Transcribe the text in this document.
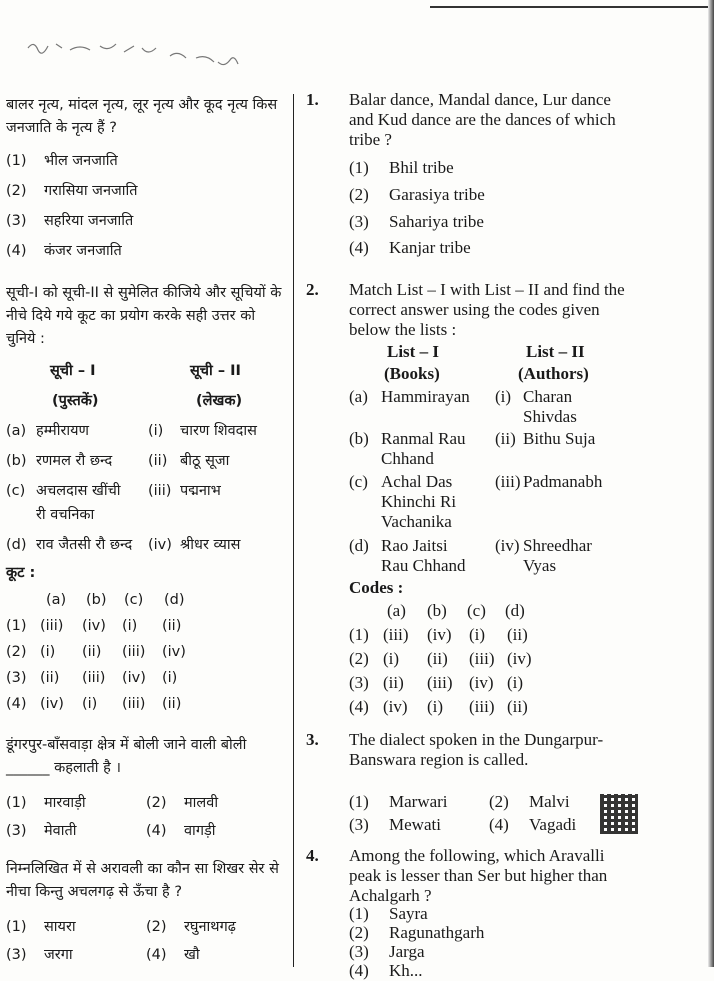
बालर नृत्य, मांदल नृत्य, लूर नृत्य और कूद नृत्य किस जनजाति के नृत्य हैं ?
(1) भील जनजाति
(2) गरासिया जनजाति
(3) सहरिया जनजाति
(4) कंजर जनजाति
सूची-I को सूची-II से सुमेलित कीजिये और सूचियों के नीचे दिये गये कूट का प्रयोग करके सही उत्तर को चुनिये :
सूची – I	सूची – II
(पुस्तकें)	(लेखक)
(a) हम्मीरायण	(i) चारण शिवदास
(b) रणमल रौ छन्द (ii) बीठू सूजा
(c) अचलदास खींची (iii) पद्मनाभ
री वचनिका
(d) राव जैतसी रौ छन्द (iv) श्रीधर व्यास
कूट :
(a) (b) (c) (d)
(1) (iii) (iv) (i) (ii)
(2) (i) (ii) (iii) (iv)
(3) (ii) (iii) (iv) (i)
(4) (iv) (i) (iii) (ii)
डूंगरपुर-बाँसवाड़ा क्षेत्र में बोली जाने वाली बोली ______ कहलाती है ।
(1) मारवाड़ी	(2) मालवी
(3) मेवाती	(4) वागड़ी
निम्नलिखित में से अरावली का कौन सा शिखर सेर से नीचा किन्तु अचलगढ़ से ऊँचा है ?
(1) सायरा	(2) रघुनाथगढ़
(3) जरगा	(4) खौ
1. Balar dance, Mandal dance, Lur dance and Kud dance are the dances of which tribe ?
(1) Bhil tribe
(2) Garasiya tribe
(3) Sahariya tribe
(4) Kanjar tribe
2. Match List – I with List – II and find the correct answer using the codes given below the lists :
List – I	List – II
(Books)	(Authors)
(a) Hammirayan (i) Charan
Shivdas
(b) Ranmal Rau (ii) Bithu Suja
Chhand
(c) Achal Das	(iii) Padmanabh
Khinchi Ri
Vachanika
(d) Rao Jaitsi	(iv) Shreedhar
Rau Chhand	Vyas
Codes :
(a) (b) (c) (d)
(1) (iii) (iv) (i) (ii)
(2) (i) (ii) (iii) (iv)
(3) (ii) (iii) (iv) (i)
(4) (iv) (i) (iii) (ii)
3. The dialect spoken in the Dungarpur-Banswara region is called.
(1) Marwari (2) Malvi
(3) Mewati	(4) Vagadi
4. Among the following, which Aravalli peak is lesser than Ser but higher than Achalgarh ?
(1) Sayra
(2) Ragunathgarh
(3) Jarga
(4) Kh...
